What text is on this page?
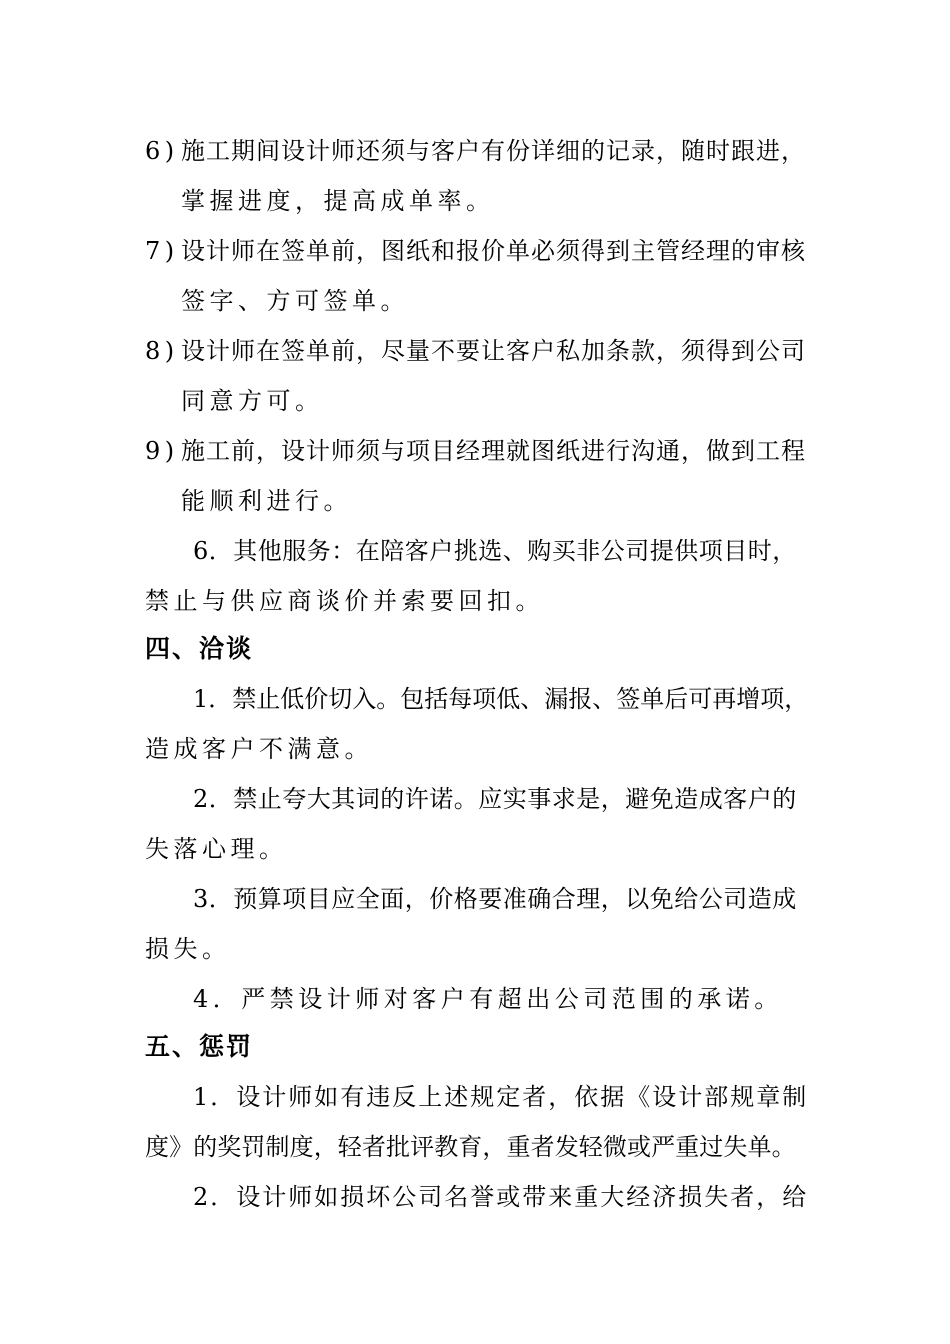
6) 施工期间设计师还须与客户有份详细的记录，随时跟进，
掌握进度，提高成单率。
7) 设计师在签单前，图纸和报价单必须得到主管经理的审核
签字、方可签单。
8) 设计师在签单前，尽量不要让客户私加条款，须得到公司
同意方可。
9) 施工前，设计师须与项目经理就图纸进行沟通，做到工程
能顺利进行。
6．其他服务：在陪客户挑选、购买非公司提供项目时，
禁止与供应商谈价并索要回扣。
四、洽谈
1．禁止低价切入。包括每项低、漏报、签单后可再增项，
造成客户不满意。
2．禁止夸大其词的许诺。应实事求是，避免造成客户的
失落心理。
3．预算项目应全面，价格要准确合理，以免给公司造成
损失。
4．严禁设计师对客户有超出公司范围的承诺。
五、惩罚
1．设计师如有违反上述规定者，依据《设计部规章制
度》的奖罚制度，轻者批评教育，重者发轻微或严重过失单。
2．设计师如损坏公司名誉或带来重大经济损失者，给
